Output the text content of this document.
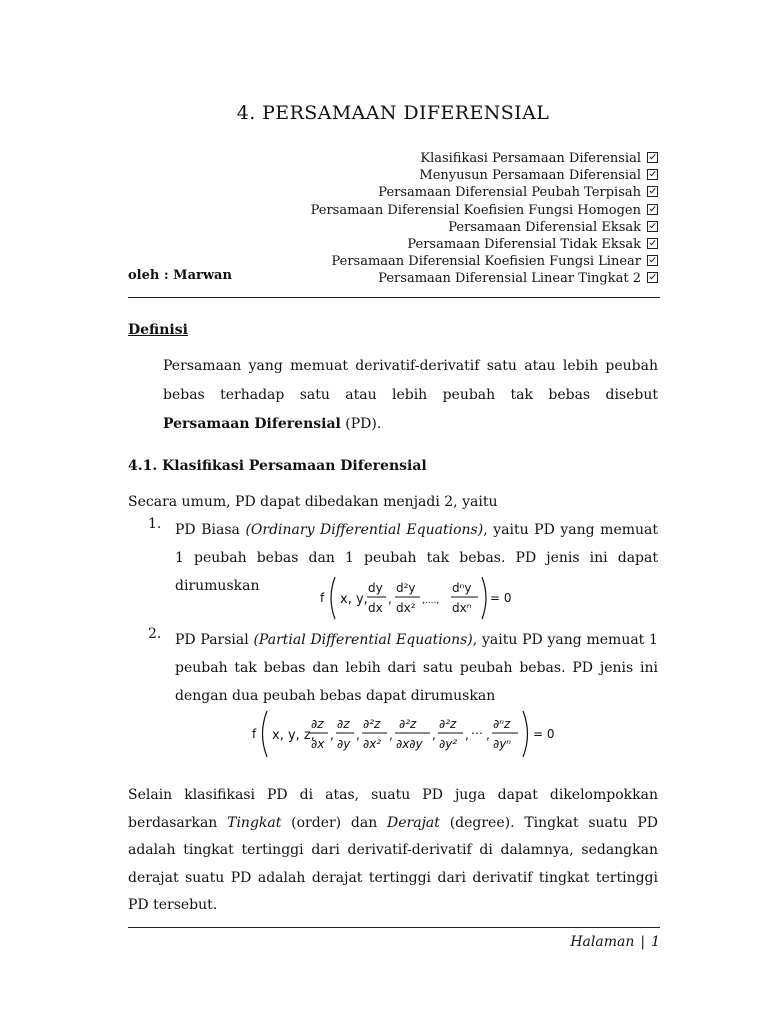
4. PERSAMAAN DIFERENSIAL
Klasifikasi Persamaan Diferensial
Menyusun Persamaan Diferensial
Persamaan Diferensial Peubah Terpisah
Persamaan Diferensial Koefisien Fungsi Homogen
Persamaan Diferensial Eksak
Persamaan Diferensial Tidak Eksak
Persamaan Diferensial Koefisien Fungsi Linear
Persamaan Diferensial Linear Tingkat 2
oleh : Marwan
Definisi
Persamaan yang memuat derivatif-derivatif satu atau lebih peubah bebas terhadap satu atau lebih peubah tak bebas disebut Persamaan Diferensial (PD).
4.1. Klasifikasi Persamaan Diferensial
Secara umum, PD dapat dibedakan menjadi 2, yaitu
1. PD Biasa (Ordinary Differential Equations), yaitu PD yang memuat 1 peubah bebas dan 1 peubah tak bebas. PD jenis ini dapat dirumuskan
f x, y,
dy
dx
,
d²y
dx² ,....,
dⁿy
dxⁿ
= 0
2. PD Parsial (Partial Differential Equations), yaitu PD yang memuat 1 peubah tak bebas dan lebih dari satu peubah bebas. PD jenis ini dengan dua peubah bebas dapat dirumuskan
f x, y, z,
∂z
∂x
,
∂z
∂y
,
∂²z
∂x²
,
∂²z
∂x∂y
,
∂²z
∂y²
, ⋯ ,
∂ⁿz
∂yⁿ
= 0
Selain klasifikasi PD di atas, suatu PD juga dapat dikelompokkan berdasarkan Tingkat (order) dan Derajat (degree). Tingkat suatu PD adalah tingkat tertinggi dari derivatif-derivatif di dalamnya, sedangkan derajat suatu PD adalah derajat tertinggi dari derivatif tingkat tertinggi PD tersebut.
Halaman | 1
